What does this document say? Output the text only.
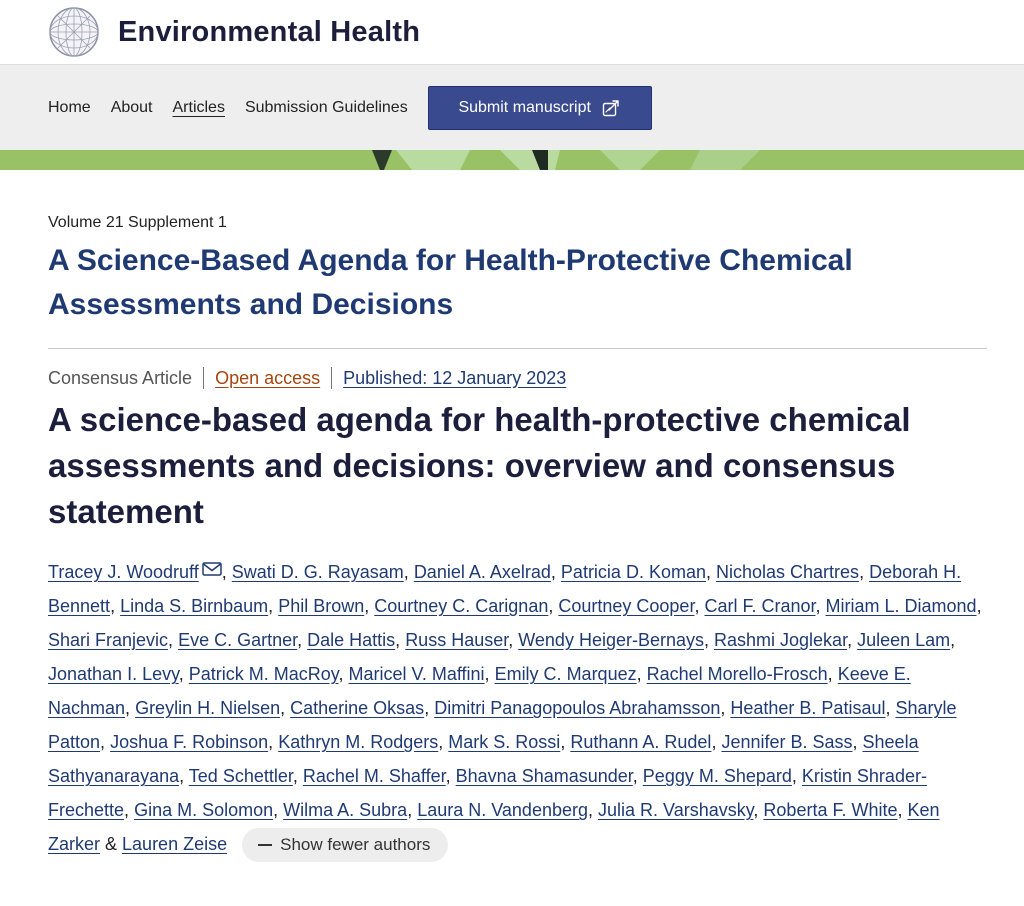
Environmental Health
Home About Articles Submission Guidelines	Submit manuscript

Volume 21 Supplement 1

A Science-Based Agenda for Health-Protective Chemical Assessments and Decisions
Consensus Article Open access Published: 12 January 2023
A science-based agenda for health-protective chemical assessments and decisions: overview and consensus statement
Tracey J. Woodruff , Swati D. G. Rayasam, Daniel A. Axelrad, Patricia D. Koman, Nicholas Chartres, Deborah H. Bennett, Linda S. Birnbaum, Phil Brown, Courtney C. Carignan, Courtney Cooper, Carl F. Cranor, Miriam L. Diamond, Shari Franjevic, Eve C. Gartner, Dale Hattis, Russ Hauser, Wendy Heiger-Bernays, Rashmi Joglekar, Juleen Lam, Jonathan I. Levy, Patrick M. MacRoy, Maricel V. Maffini, Emily C. Marquez, Rachel Morello-Frosch, Keeve E. Nachman, Greylin H. Nielsen, Catherine Oksas, Dimitri Panagopoulos Abrahamsson, Heather B. Patisaul, Sharyle Patton, Joshua F. Robinson, Kathryn M. Rodgers, Mark S. Rossi, Ruthann A. Rudel, Jennifer B. Sass, Sheela Sathyanarayana, Ted Schettler, Rachel M. Shaffer, Bhavna Shamasunder, Peggy M. Shepard, Kristin Shrader-Frechette, Gina M. Solomon, Wilma A. Subra, Laura N. Vandenberg, Julia R. Varshavsky, Roberta F. White, Ken Zarker & Lauren Zeise	Show fewer authors
